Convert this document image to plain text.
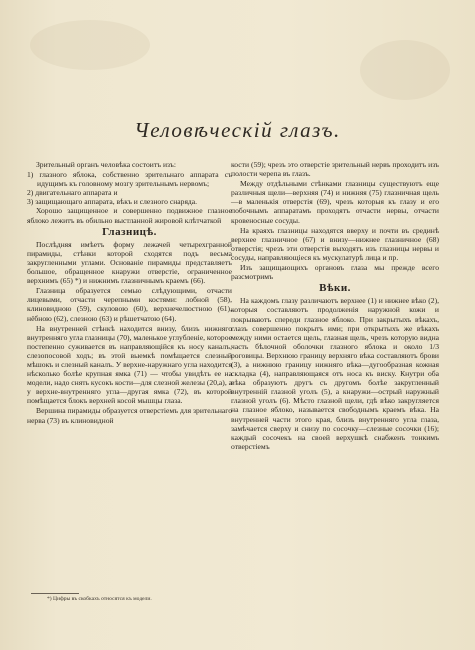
Человѣческій глазъ.

Зрительный органъ человѣка состоитъ изъ:

1) глазного яблока, собственно зрительнаго аппарата съ идущимъ къ головному мозгу зрительнымъ нервомъ;

2) двигательнаго аппарата и

3) защищающаго аппарата, вѣкъ и слезного снаряда.

Хорошо защищенное и совершенно подвижное глазное яблоко лежитъ въ обильно выстланной жировой клѣтчаткой

Глазницѣ.

Послѣдняя имѣетъ форму лежачей четырехгранной пирамиды, стѣнки которой сходятся подъ весьма закругленными углами. Основаніе пирамиды представляетъ большое, обращенное кнаружи отверстіе, ограниченное верхнимъ (65) *) и нижнимъ глазничнымъ краемъ (66).

Глазница образуется семью слѣдующими, отчасти лицевыми, отчасти черепными костями: лобной (58), клиновидною (59), скуловою (60), верхнечелюстною (61), нёбною (62), слезною (63) и рѣшетчатою (64).

На внутренней стѣнкѣ находится внизу, близъ нижняго внутренняго угла глазницы (70), маленькое углубленіе, которое постепенно суживается въ направляющійся къ носу каналъ, слезопосовой ходъ; въ этой выемкѣ помѣщается слезный мѣшокъ и слезный каналъ. У верхне-наружнаго угла находится нѣсколько болѣе крупная ямка (71) — чтобы увидѣть ее на модели, надо снять кусокъ кости—для слезной железы (20,а), а у верхне-внутренняго угла—другая ямка (72), въ которой помѣщается блокъ верхней косой мышцы глаза.

Вершина пирамиды образуется отверстіемъ для зрительнаго нерва (73) въ клиновидной

кости (59); чрезъ это отверстіе зрительный нервъ проходитъ изъ полости черепа въ глазъ.

Между отдѣльными стѣнками глазницы существуютъ еще различныя щели—верхняя (74) и нижняя (75) глазничная щель—в маленькія отверстія (69), чрезъ которыя къ глазу и его побочнымъ аппаратамъ проходятъ отчасти нервы, отчасти кровеносные сосуды.

На краяхъ глазницы находятся вверху и почти въ срединѣ верхнее глазничное (67) и внизу—нижнее глазничное (68) отверстія; чрезъ эти отверстія выходятъ изъ глазницы нервы и сосуды, направляющіеся къ мускулатурѣ лица и пр.

Изъ защищающихъ органовъ глаза мы прежде всего разсмотримъ

Вѣки.

На каждомъ глазу различаютъ верхнее (1) и нижнее вѣко (2), которыя составляютъ продолженія наружной кожи и покрываютъ спереди глазное яблоко. При закрытыхъ вѣкахъ, глазъ совершенно покрытъ ими; при открытыхъ же вѣкахъ между ними остается щель, глазная щель, чрезъ которую видна часть бѣлочной оболочки глазного яблока и около 1/3 роговицы. Верхнюю границу верхняго вѣка составляютъ брови (3), а нижнюю границу нижняго вѣка—дугообразная кожная складка (4), направляющаяся отъ носа къ виску. Кнутри оба вѣка образуютъ другъ съ другомъ болѣе закругленный внутренній глазной уголъ (5), а кнаружи—острый наружный глазной уголъ (6). Мѣсто глазной щели, гдѣ вѣко закругляется на глазное яблоко, называется свободнымъ краемъ вѣка. На внутренней части этого края, близъ внутренняго угла глаза, замѣчается сверху и снизу по сосочку—слезные сосочки (16); каждый сосочекъ на своей верхушкѣ снабженъ тонкимъ отверстіемъ

*) Цифры въ скобкахъ относятся къ модели.
